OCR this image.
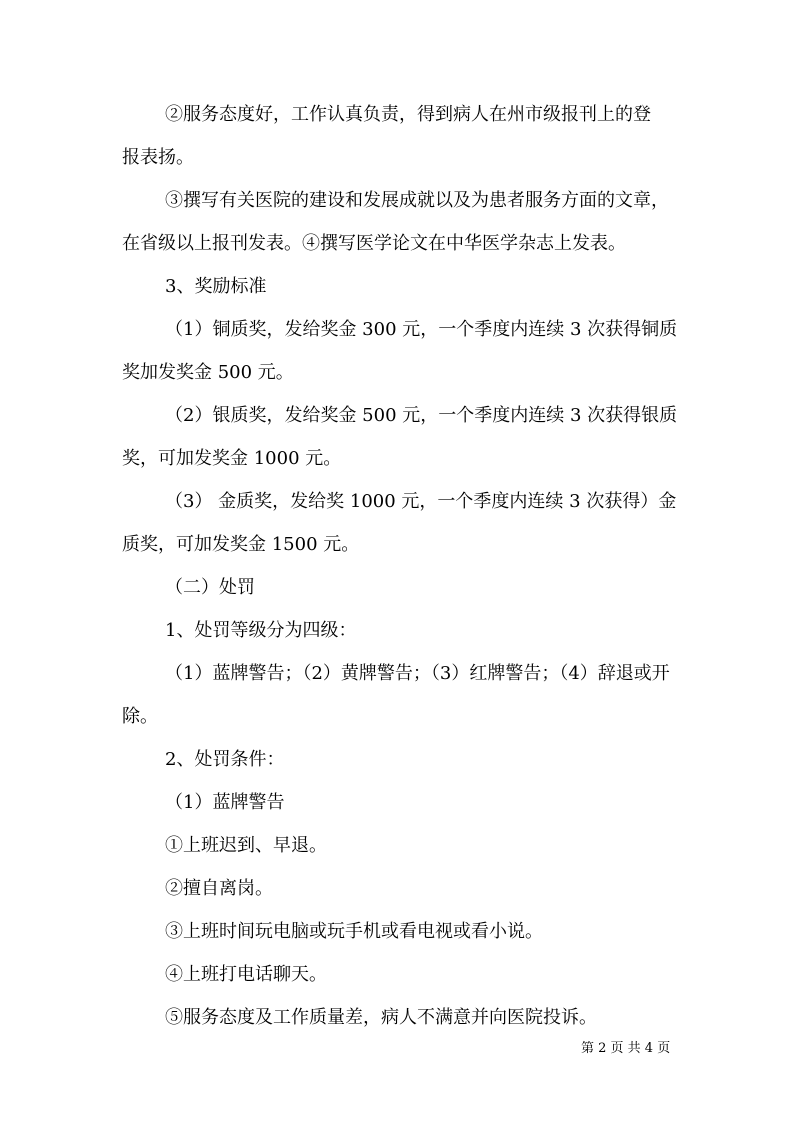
②服务态度好，工作认真负责，得到病人在州市级报刊上的登
报表扬。
③撰写有关医院的建设和发展成就以及为患者服务方面的文章，
在省级以上报刊发表。④撰写医学论文在中华医学杂志上发表。
3、奖励标准
（1）铜质奖，发给奖金 300 元，一个季度内连续 3 次获得铜质
奖加发奖金 500 元。
（2）银质奖，发给奖金 500 元，一个季度内连续 3 次获得银质
奖，可加发奖金 1000 元。
（3） 金质奖，发给奖 1000 元，一个季度内连续 3 次获得）金
质奖，可加发奖金 1500 元。
（二）处罚
1、处罚等级分为四级：
（1）蓝牌警告；（2）黄牌警告；（3）红牌警告；（4）辞退或开
除。
2、处罚条件：
（1）蓝牌警告
①上班迟到、早退。
②擅自离岗。
③上班时间玩电脑或玩手机或看电视或看小说。
④上班打电话聊天。
⑤服务态度及工作质量差，病人不满意并向医院投诉。
第 2 页 共 4 页
